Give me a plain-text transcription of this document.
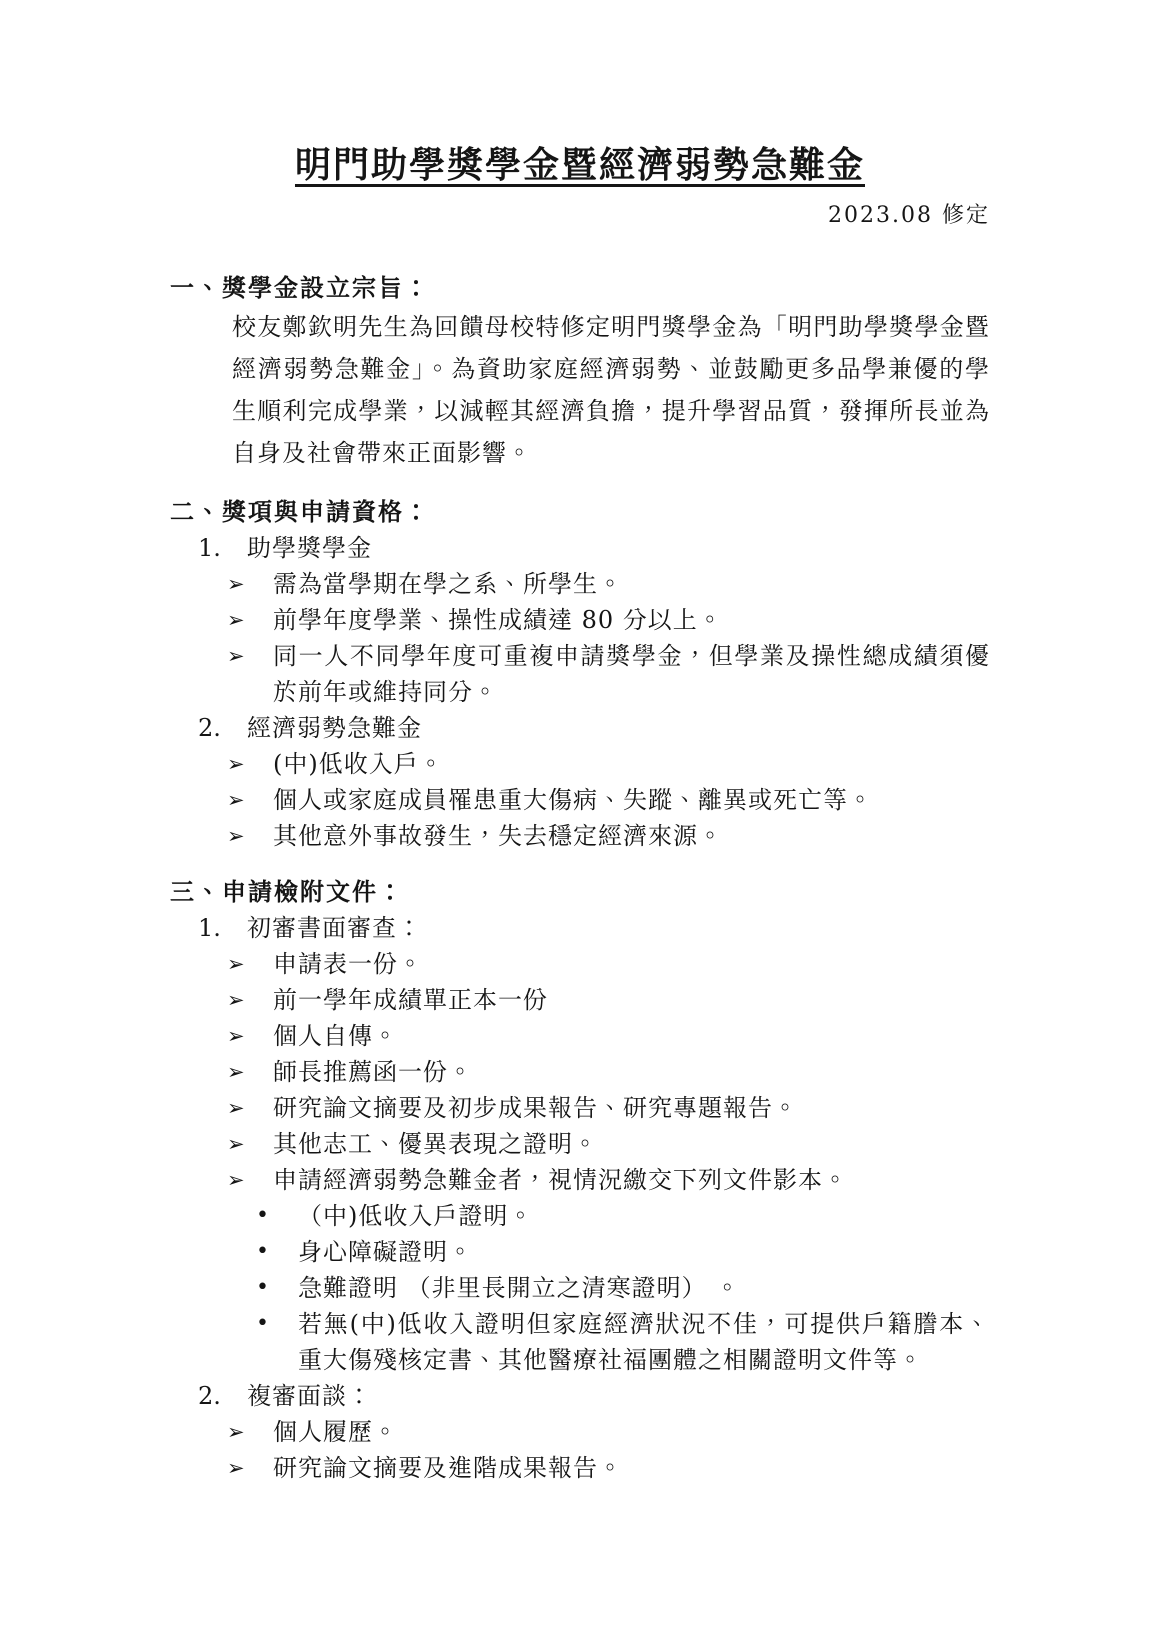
明門助學獎學金暨經濟弱勢急難金
2023.08 修定
一、獎學金設立宗旨：

校友鄭欽明先生為回饋母校特修定明門獎學金為「明門助學獎學金暨經濟弱勢急難金」。為資助家庭經濟弱勢、並鼓勵更多品學兼優的學生順利完成學業，以減輕其經濟負擔，提升學習品質，發揮所長並為自身及社會帶來正面影響。

二、獎項與申請資格：
1.	助學獎學金
➢	需為當學期在學之系、所學生。
➢	前學年度學業、操性成績達 80 分以上。
➢	同一人不同學年度可重複申請獎學金，但學業及操性總成績須優於前年或維持同分。
2.	經濟弱勢急難金
➢	(中)低收入戶。
➢	個人或家庭成員罹患重大傷病、失蹤、離異或死亡等。
➢	其他意外事故發生，失去穩定經濟來源。
三、申請檢附文件：
1.	初審書面審查：
➢	申請表一份。
➢	前一學年成績單正本一份
➢	個人自傳。
➢	師長推薦函一份。
➢	研究論文摘要及初步成果報告、研究專題報告。
➢	其他志工、優異表現之證明。
➢	申請經濟弱勢急難金者，視情況繳交下列文件影本。
•	（中)低收入戶證明。
•	身心障礙證明。
•	急難證明 （非里長開立之清寒證明） 。
•	若無(中)低收入證明但家庭經濟狀況不佳，可提供戶籍謄本、重大傷殘核定書、其他醫療社福團體之相關證明文件等。
2.	複審面談：
➢	個人履歷。
➢	研究論文摘要及進階成果報告。
